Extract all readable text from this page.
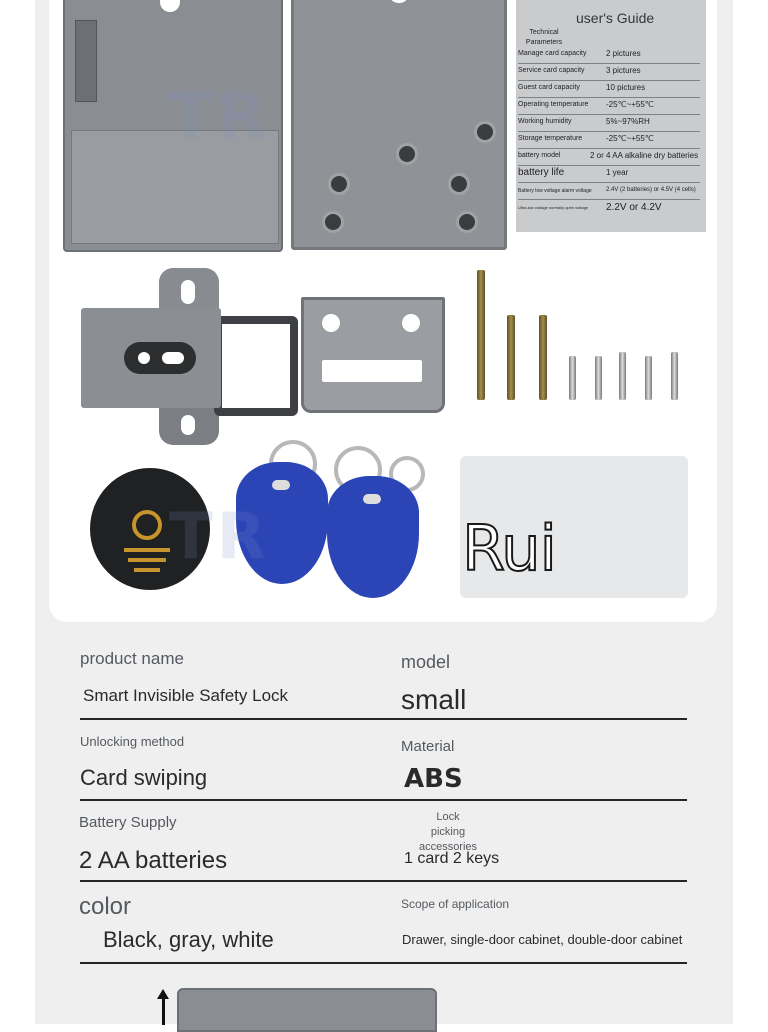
user's Guide
Technical Parameters
Manage card capacity 2 pictures
Service card capacity	3 pictures
Guest card capacity	10 pictures
Operating temperature -25℃~+55℃
Working humidity	5%~97%RH
Storage temperature	-25℃~+55℃
battery model	2 or 4 AA alkaline dry batteries
battery life	1 year
Battery low voltage alarm voltage 2.4V (2 batteries) or 4.5V (4 cells)
Ultra-low voltage normally open voltage 2.2V or 4.2V
TR
TR	Rui
product name
Smart Invisible Safety Lock
model
small
Unlocking method
Card swiping
Material
ABS
Battery Supply
2 AA batteries
Lock picking accessories
1 card 2 keys
color
Black, gray, white
Scope of application
Drawer, single-door cabinet, double-door cabinet
